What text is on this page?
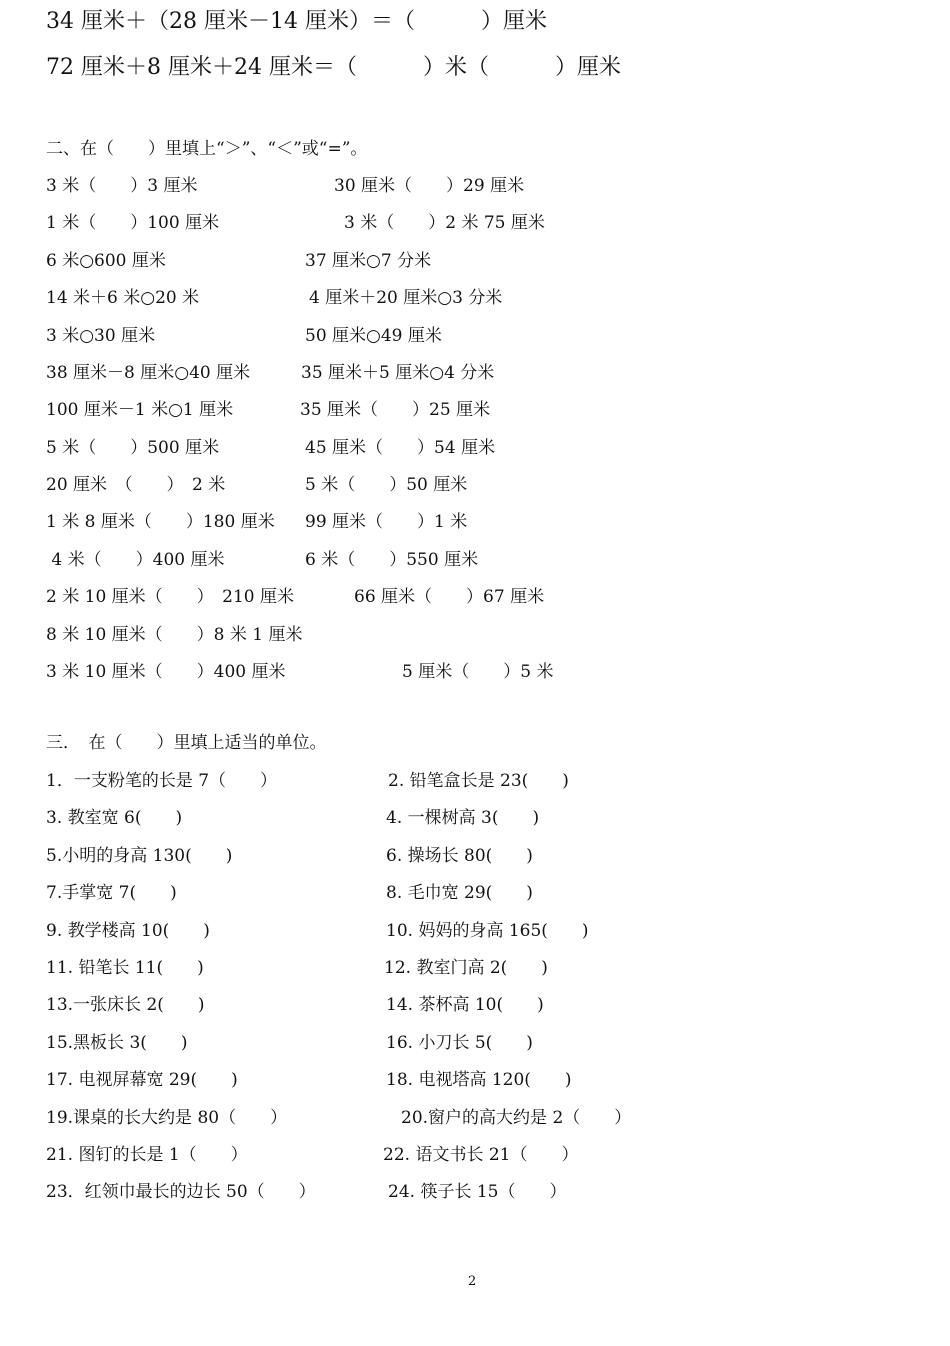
34 厘米＋（28 厘米－14 厘米）＝（　　　）厘米
72 厘米＋8 厘米＋24 厘米＝（　　　）米（　　　）厘米
二、在（　　）里填上“＞”、“＜”或“=”。
3 米（　　）3 厘米	30 厘米（　　）29 厘米
1 米（　　）100 厘米	3 米（　　）2 米 75 厘米
6 米○600 厘米	37 厘米○7 分米
14 米＋6 米○20 米	4 厘米＋20 厘米○3 分米
3 米○30 厘米	50 厘米○49 厘米
38 厘米－8 厘米○40 厘米	35 厘米＋5 厘米○4 分米
100 厘米－1 米○1 厘米	35 厘米（　　）25 厘米
5 米（　　）500 厘米	45 厘米（　　）54 厘米
20 厘米　（　　）　2 米	5 米（　　）50 厘米
1 米 8 厘米（　　）180 厘米 99 厘米（　　）1 米
4 米（　　）400 厘米	6 米（　　）550 厘米
2 米 10 厘米（　　）　210 厘米	66 厘米（　　）67 厘米
8 米 10 厘米（　　）8 米 1 厘米
3 米 10 厘米（　　）400 厘米	5 厘米（　　）5 米
三．　在（　　）里填上适当的单位。
1．一支粉笔的长是 7（　　）	2. 铅笔盒长是 23(　　)
3. 教室宽 6(　　)	4. 一棵树高 3(　　)
5.小明的身高 130(　　)	6. 操场长 80(　　)
7.手掌宽 7(　　)	8. 毛巾宽 29(　　)
9. 教学楼高 10(　　)	10. 妈妈的身高 165(　　)
11. 铅笔长 11(　　)	12. 教室门高 2(　　)
13.一张床长 2(　　)	14. 茶杯高 10(　　)
15.黑板长 3(　　)	16. 小刀长 5(　　)
17. 电视屏幕宽 29(　　)	18. 电视塔高 120(　　)
19.课桌的长大约是 80（　　）	20.窗户的高大约是 2（　　）
21. 图钉的长是 1（　　）	22. 语文书长 21（　　）
23．红领巾最长的边长 50（　　）	24. 筷子长 15（　　）
2
